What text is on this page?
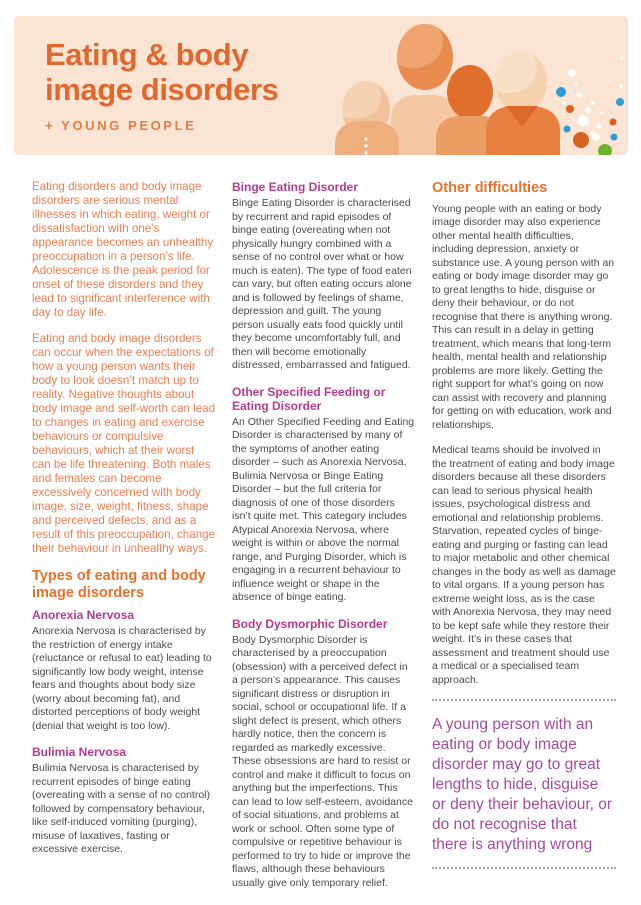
Eating & body
image disorders
+ YOUNG PEOPLE

Eating disorders and body image disorders are serious mental illnesses in which eating, weight or dissatisfaction with one’s appearance becomes an unhealthy preoccupation in a person’s life. Adolescence is the peak period for onset of these disorders and they lead to significant interference with day to day life.

Eating and body image disorders can occur when the expectations of how a young person wants their body to look doesn’t match up to reality. Negative thoughts about body image and self-worth can lead to changes in eating and exercise behaviours or compulsive behaviours, which at their worst can be life threatening. Both males and females can become excessively concerned with body image, size, weight, fitness, shape and perceived defects, and as a result of this preoccupation, change their behaviour in unhealthy ways.

Types of eating and body image disorders
Anorexia Nervosa

Anorexia Nervosa is characterised by the restriction of energy intake (reluctance or refusal to eat) leading to significantly low body weight, intense fears and thoughts about body size (worry about becoming fat), and distorted perceptions of body weight (denial that weight is too low).

Bulimia Nervosa

Bulimia Nervosa is characterised by recurrent episodes of binge eating (overeating with a sense of no control) followed by compensatory behaviour, like self-induced vomiting (purging), misuse of laxatives, fasting or excessive exercise.

Binge Eating Disorder

Binge Eating Disorder is characterised by recurrent and rapid episodes of binge eating (overeating when not physically hungry combined with a sense of no control over what or how much is eaten). The type of food eaten can vary, but often eating occurs alone and is followed by feelings of shame, depression and guilt. The young person usually eats food quickly until they become uncomfortably full, and then will become emotionally distressed, embarrassed and fatigued.

Other Specified Feeding or Eating Disorder

An Other Specified Feeding and Eating Disorder is characterised by many of the symptoms of another eating disorder – such as Anorexia Nervosa, Bulimia Nervosa or Binge Eating Disorder – but the full criteria for diagnosis of one of those disorders isn’t quite met. This category includes Atypical Anorexia Nervosa, where weight is within or above the normal range, and Purging Disorder, which is engaging in a recurrent behaviour to influence weight or shape in the absence of binge eating.

Body Dysmorphic Disorder

Body Dysmorphic Disorder is characterised by a preoccupation (obsession) with a perceived defect in a person’s appearance. This causes significant distress or disruption in social, school or occupational life. If a slight defect is present, which others hardly notice, then the concern is regarded as markedly excessive. These obsessions are hard to resist or control and make it difficult to focus on anything but the imperfections. This can lead to low self-esteem, avoidance of social situations, and problems at work or school. Often some type of compulsive or repetitive behaviour is performed to try to hide or improve the flaws, although these behaviours usually give only temporary relief.

Other difficulties

Young people with an eating or body image disorder may also experience other mental health difficulties, including depression, anxiety or substance use. A young person with an eating or body image disorder may go to great lengths to hide, disguise or deny their behaviour, or do not recognise that there is anything wrong. This can result in a delay in getting treatment, which means that long-term health, mental health and relationship problems are more likely. Getting the right support for what’s going on now can assist with recovery and planning for getting on with education, work and relationships.

Medical teams should be involved in the treatment of eating and body image disorders because all these disorders can lead to serious physical health issues, psychological distress and emotional and relationship problems. Starvation, repeated cycles of binge-eating and purging or fasting can lead to major metabolic and other chemical changes in the body as well as damage to vital organs. If a young person has extreme weight loss, as is the case with Anorexia Nervosa, they may need to be kept safe while they restore their weight. It’s in these cases that assessment and treatment should use a medical or a specialised team approach.

A young person with an eating or body image disorder may go to great lengths to hide, disguise or deny their behaviour, or do not recognise that there is anything wrong
